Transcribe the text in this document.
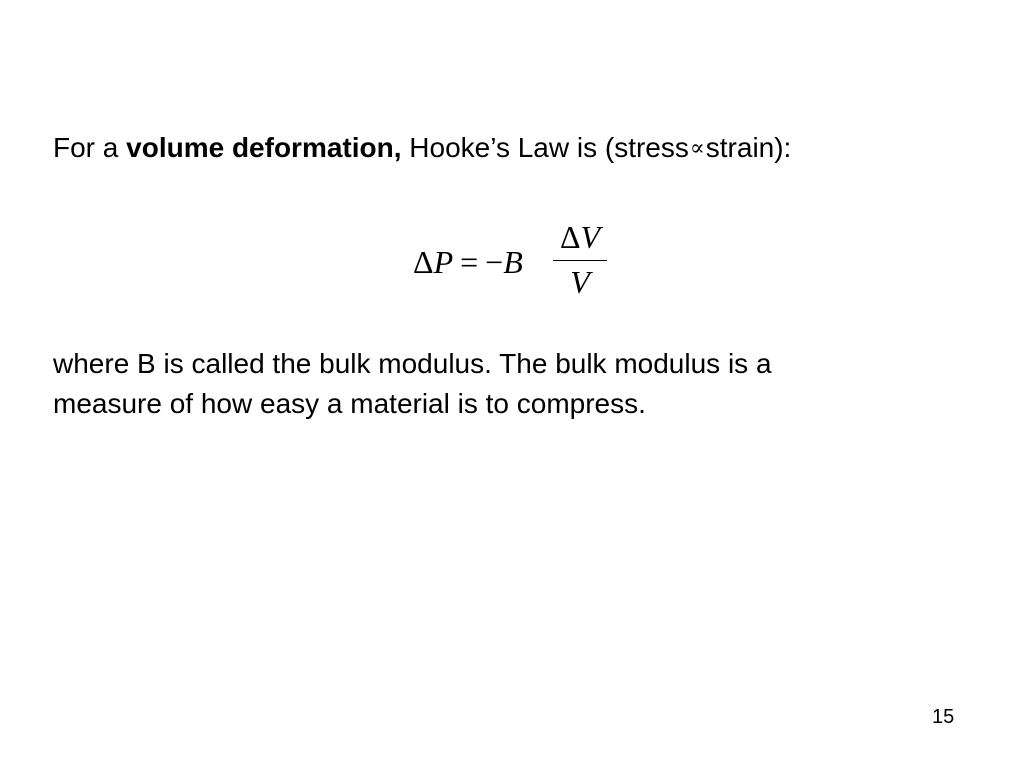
For a volume deformation, Hooke’s Law is (stress∝strain):
ΔP = −B
ΔV
V
where B is called the bulk modulus. The bulk modulus is a
measure of how easy a material is to compress.
15
